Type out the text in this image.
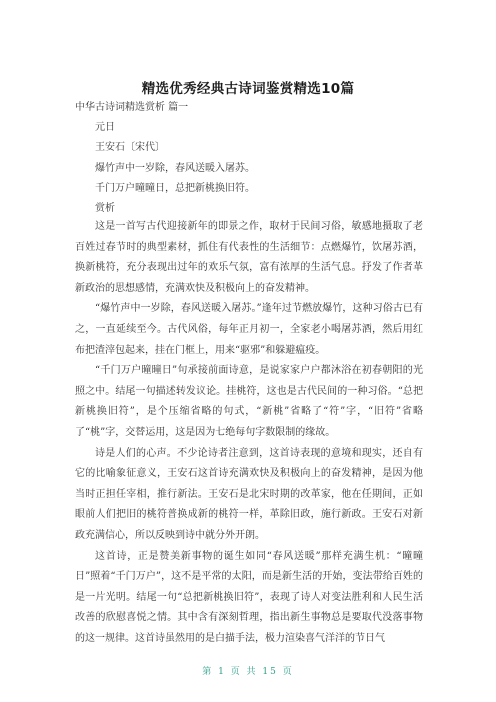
精选优秀经典古诗词鉴赏精选10篇
中华古诗词精选赏析 篇一
元日
王安石〔宋代〕
爆竹声中一岁除，春风送暖入屠苏。
千门万户曈曈日，总把新桃换旧符。
赏析

这是一首写古代迎接新年的即景之作，取材于民间习俗，敏感地摄取了老百姓过春节时的典型素材，抓住有代表性的生活细节：点燃爆竹，饮屠苏酒，换新桃符，充分表现出过年的欢乐气氛，富有浓厚的生活气息。抒发了作者革新政治的思想感情，充满欢快及积极向上的奋发精神。

“爆竹声中一岁除，春风送暖入屠苏。”逢年过节燃放爆竹，这种习俗古已有之，一直延续至今。古代风俗，每年正月初一，全家老小喝屠苏酒，然后用红布把渣滓包起来，挂在门框上，用来“驱邪”和躲避瘟疫。

“千门万户曈曈日”句承接前面诗意，是说家家户户都沐浴在初春朝阳的光照之中。结尾一句描述转发议论。挂桃符，这也是古代民间的一种习俗。“总把新桃换旧符”，是个压缩省略的句式，“新桃”省略了“符”字，“旧符”省略了“桃”字，交替运用，这是因为七绝每句字数限制的缘故。

诗是人们的心声。不少论诗者注意到，这首诗表现的意境和现实，还自有它的比喻象征意义，王安石这首诗充满欢快及积极向上的奋发精神，是因为他当时正担任宰相，推行新法。王安石是北宋时期的改革家，他在任期间，正如眼前人们把旧的桃符普换成新的桃符一样，革除旧政，施行新政。王安石对新政充满信心，所以反映到诗中就分外开朗。

这首诗，正是赞美新事物的诞生如同“春风送暖”那样充满生机：“曈曈日”照着“千门万户”，这不是平常的太阳，而是新生活的开始，变法带给百姓的是一片光明。结尾一句“总把新桃换旧符”，表现了诗人对变法胜利和人民生活改善的欣慰喜悦之情。其中含有深刻哲理，指出新生事物总是要取代没落事物的这一规律。这首诗虽然用的是白描手法，极力渲染喜气洋洋的节日气

第 1 页 共 15 页
